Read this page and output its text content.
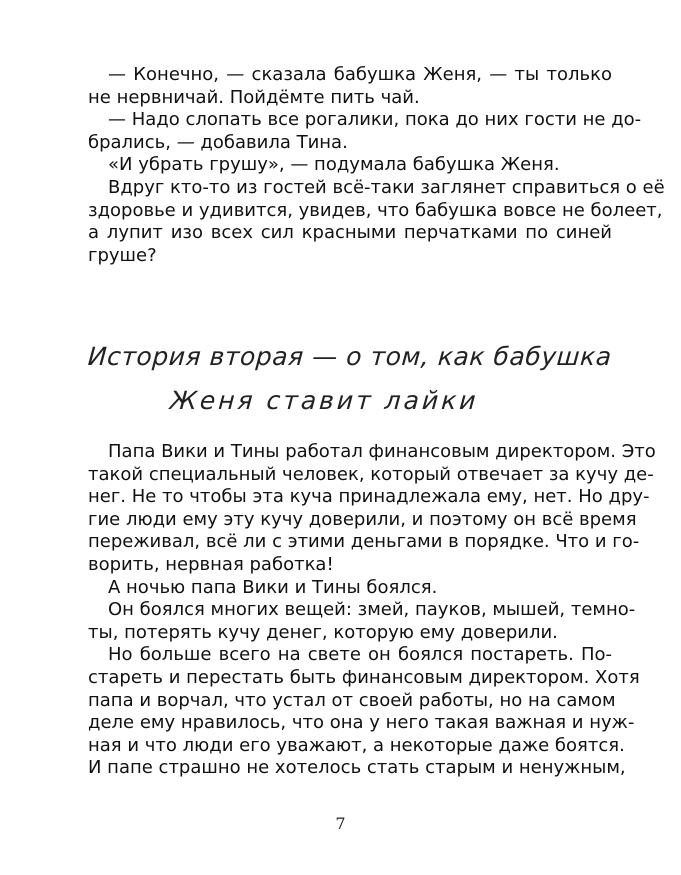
— Конечно, — сказала бабушка Женя, — ты только
не нервничай. Пойдёмте пить чай.
— Надо слопать все рогалики, пока до них гости не до-
брались, — добавила Тина.
«И убрать грушу», — подумала бабушка Женя.
Вдруг кто-то из гостей всё-таки заглянет справиться о её
здоровье и удивится, увидев, что бабушка вовсе не болеет,
а лупит изо всех сил красными перчатками по синей
груше?
История вторая — о том, как бабушка
Женя ставит лайки
Папа Вики и Тины работал финансовым директором. Это
такой специальный человек, который отвечает за кучу де-
нег. Не то чтобы эта куча принадлежала ему, нет. Но дру-
гие люди ему эту кучу доверили, и поэтому он всё время
переживал, всё ли с этими деньгами в порядке. Что и го-
ворить, нервная работка!
А ночью папа Вики и Тины боялся.
Он боялся многих вещей: змей, пауков, мышей, темно-
ты, потерять кучу денег, которую ему доверили.
Но больше всего на свете он боялся постареть. По-
стареть и перестать быть финансовым директором. Хотя
папа и ворчал, что устал от своей работы, но на самом
деле ему нравилось, что она у него такая важная и нуж-
ная и что люди его уважают, а некоторые даже боятся.
И папе страшно не хотелось стать старым и ненужным,
7
